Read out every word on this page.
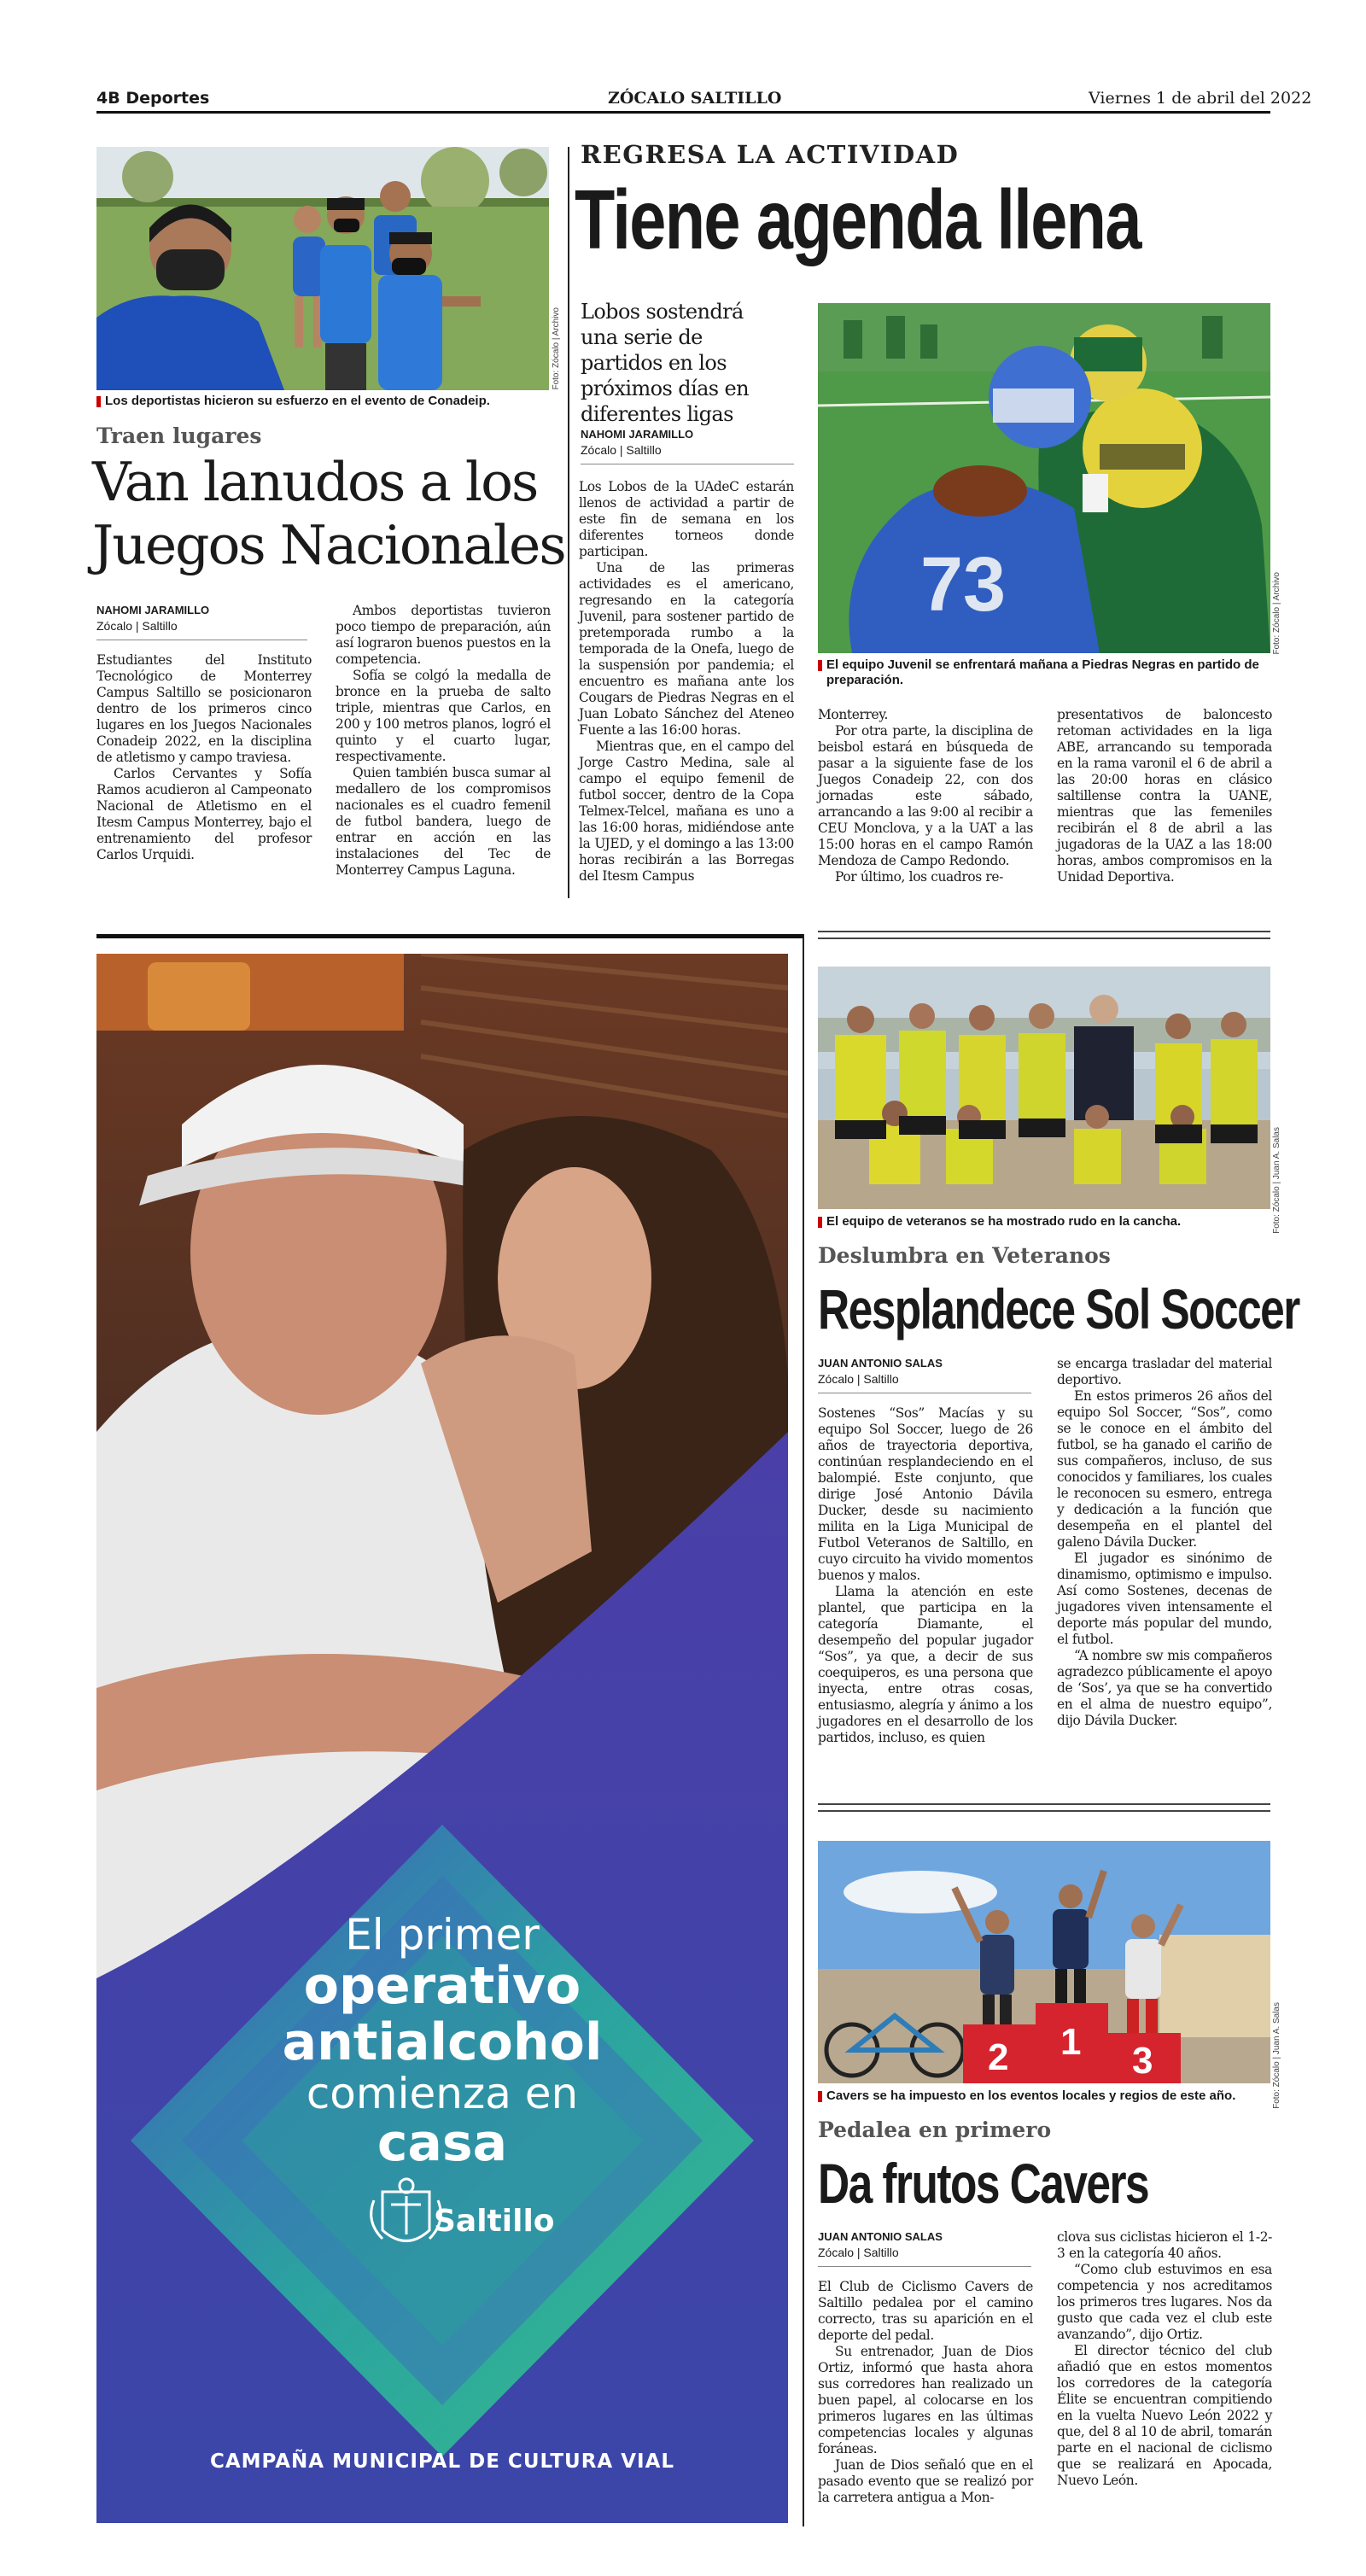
4B Deportes	ZÓCALO SALTILLO	Viernes 1 de abril del 2022
Foto: Zócalo | Archivo
Los deportistas hicieron su esfuerzo en el evento de Conadeip.
Traen lugares
Van lanudos a los
Juegos Nacionales
NAHOMI JARAMILLO
Zócalo | Saltillo

Estudiantes del Instituto Tecnológico de Monterrey Campus Saltillo se posicionaron dentro de los primeros cinco lugares en los Juegos Nacionales Conadeip 2022, en la disciplina de atletismo y campo traviesa.

Carlos Cervantes y Sofía Ramos acudieron al Campeonato Nacional de Atletismo en el Itesm Campus Monterrey, bajo el entrenamiento del profesor Carlos Urquidi.

Ambos deportistas tuvieron poco tiempo de preparación, aún así lograron buenos puestos en la competencia.

Sofía se colgó la medalla de bronce en la prueba de salto triple, mientras que Carlos, en 200 y 100 metros planos, logró el quinto y el cuarto lugar, respectivamente.

Quien también busca sumar al medallero de los compromisos nacionales es el cuadro femenil de futbol bandera, luego de entrar en acción en las instalaciones del Tec de Monterrey Campus Laguna.

REGRESA LA ACTIVIDAD
Tiene agenda llena
Lobos sostendrá una serie de partidos en los próximos días en diferentes ligas
NAHOMI JARAMILLO
Zócalo | Saltillo
73	Foto: Zócalo | Archivo
El equipo Juvenil se enfrentará mañana a Piedras Negras en partido de preparación.

Los Lobos de la UAdeC estarán llenos de actividad a partir de este fin de semana en los diferentes torneos donde participan.

Una de las primeras actividades es el americano, regresando en la categoría Juvenil, para sostener partido de pretemporada rumbo a la temporada de la Onefa, luego de la suspensión por pandemia; el encuentro es mañana ante los Cougars de Piedras Negras en el Juan Lobato Sánchez del Ateneo Fuente a las 16:00 horas.

Mientras que, en el campo del Jorge Castro Medina, sale al campo el equipo femenil de futbol soccer, dentro de la Copa Telmex-Telcel, mañana es uno a las 16:00 horas, midiéndose ante la UJED, y el domingo a las 13:00 horas recibirán a las Borregas del Itesm Campus

Monterrey.

Por otra parte, la disciplina de beisbol estará en búsqueda de pasar a la siguiente fase de los Juegos Conadeip 22, con dos jornadas este sábado, arrancando a las 9:00 al recibir a CEU Monclova, y a la UAT a las 15:00 horas en el campo Ramón Mendoza de Campo Redondo.

Por último, los cuadros re-

presentativos de baloncesto retoman actividades en la liga ABE, arrancando su temporada en la rama varonil el 6 de abril a las 20:00 horas en clásico saltillense contra la UANE, mientras que las femeniles recibirán el 8 de abril a las jugadoras de la UAZ a las 18:00 horas, ambos compromisos en la Unidad Deportiva.

El primer
operativo
antialcohol
comienza en
casa
Saltillo
CAMPAÑA MUNICIPAL DE CULTURA VIAL
Foto: Zócalo | Juan A. Salas
El equipo de veteranos se ha mostrado rudo en la cancha.
Deslumbra en Veteranos
Resplandece Sol Soccer
JUAN ANTONIO SALAS
Zócalo | Saltillo

Sostenes “Sos” Macías y su equipo Sol Soccer, luego de 26 años de trayectoria deportiva, continúan resplandeciendo en el balompié. Este conjunto, que dirige José Antonio Dávila Ducker, desde su nacimiento milita en la Liga Municipal de Futbol Veteranos de Saltillo, en cuyo circuito ha vivido momentos buenos y malos.

Llama la atención en este plantel, que participa en la categoría Diamante, el desempeño del popular jugador “Sos”, ya que, a decir de sus coequiperos, es una persona que inyecta, entre otras cosas, entusiasmo, alegría y ánimo a los jugadores en el desarrollo de los partidos, incluso, es quien

se encarga trasladar del material deportivo.

En estos primeros 26 años del equipo Sol Soccer, “Sos”, como se le conoce en el ámbito del futbol, se ha ganado el cariño de sus compañeros, incluso, de sus conocidos y familiares, los cuales le reconocen su esmero, entrega y dedicación a la función que desempeña en el plantel del galeno Dávila Ducker.

El jugador es sinónimo de dinamismo, optimismo e impulso. Así como Sostenes, decenas de jugadores viven intensamente el deporte más popular del mundo, el futbol.

“A nombre sw mis compañeros agradezco públicamente el apoyo de ‘Sos’, ya que se ha convertido en el alma de nuestro equipo”, dijo Dávila Ducker.

2 1 3	Foto: Zócalo | Juan A. Salas
Cavers se ha impuesto en los eventos locales y regios de este año.
Pedalea en primero
Da frutos Cavers
JUAN ANTONIO SALAS
Zócalo | Saltillo

El Club de Ciclismo Cavers de Saltillo pedalea por el camino correcto, tras su aparición en el deporte del pedal.

Su entrenador, Juan de Dios Ortiz, informó que hasta ahora sus corredores han realizado un buen papel, al colocarse en los primeros lugares en las últimas competencias locales y algunas foráneas.

Juan de Dios señaló que en el pasado evento que se realizó por la carretera antigua a Mon-

clova sus ciclistas hicieron el 1-2-3 en la categoría 40 años.

“Como club estuvimos en esa competencia y nos acreditamos los primeros tres lugares. Nos da gusto que cada vez el club este avanzando”, dijo Ortiz.

El director técnico del club añadió que en estos momentos los corredores de la categoría Élite se encuentran compitiendo en la vuelta Nuevo León 2022 y que, del 8 al 10 de abril, tomarán parte en el nacional de ciclismo que se realizará en Apocada, Nuevo León.
